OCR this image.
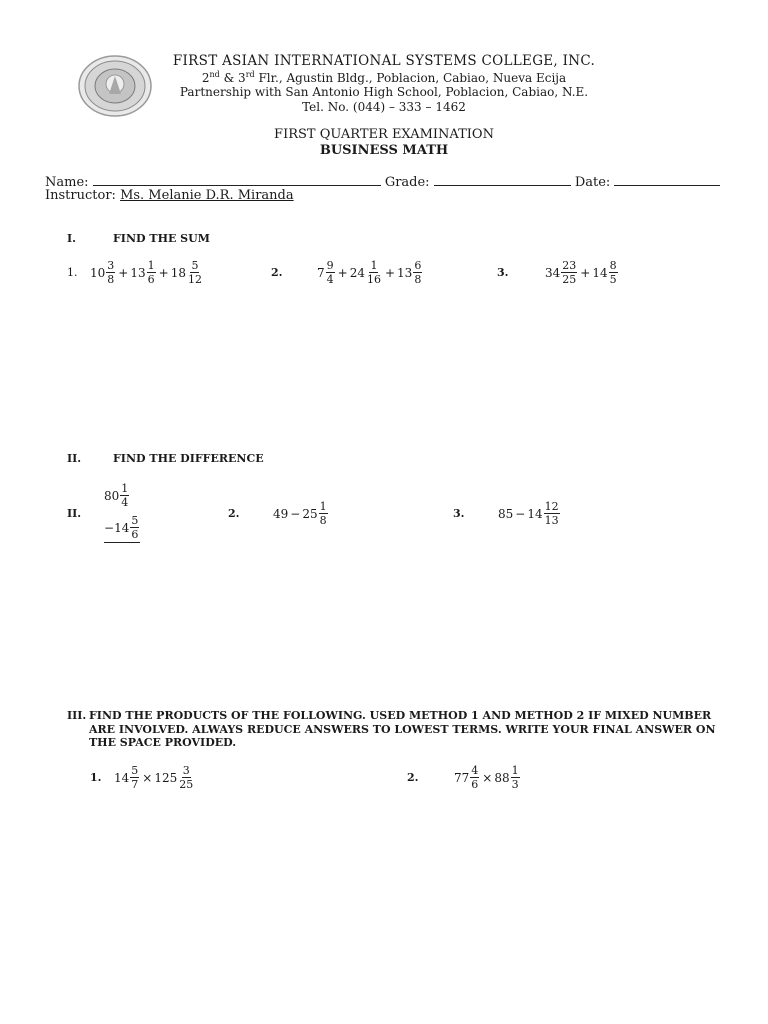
FIRST ASIAN INTERNATIONAL SYSTEMS COLLEGE, INC.
2nd & 3rd Flr., Agustin Bldg., Poblacion, Cabiao, Nueva Ecija
Partnership with San Antonio High School, Poblacion, Cabiao, N.E.
Tel. No. (044) – 333 – 1462
FIRST QUARTER EXAMINATION
BUSINESS MATH
Name:	Grade:	Date:
Instructor: Ms. Melanie D.R. Miranda
I.	FIND THE SUM
1.	$10 \frac{3}{8} + 13 \frac{1}{6} + 18 \frac{5}{12}$	2.	$7 \frac{9}{4} + 24 \frac{1}{16} + 13 \frac{6}{8}$	3.	$34 \frac{23}{25} + 14 \frac{8}{5}$
II.	FIND THE DIFFERENCE
II.
$80 \frac{1}{4}$
− $14 \frac{5}{6}$
2.	$49 - 25 \frac{1}{8}$	3.	$85 - 14 \frac{12}{13}$
III. FIND THE PRODUCTS OF THE FOLLOWING. USED METHOD 1 AND METHOD 2 IF MIXED NUMBER ARE INVOLVED. ALWAYS REDUCE ANSWERS TO LOWEST TERMS. WRITE YOUR FINAL ANSWER ON THE SPACE PROVIDED.
1.	$14 \frac{5}{7} \times 125 \frac{3}{25}$	2.	$77 \frac{4}{6} \times 88 \frac{1}{3}$
